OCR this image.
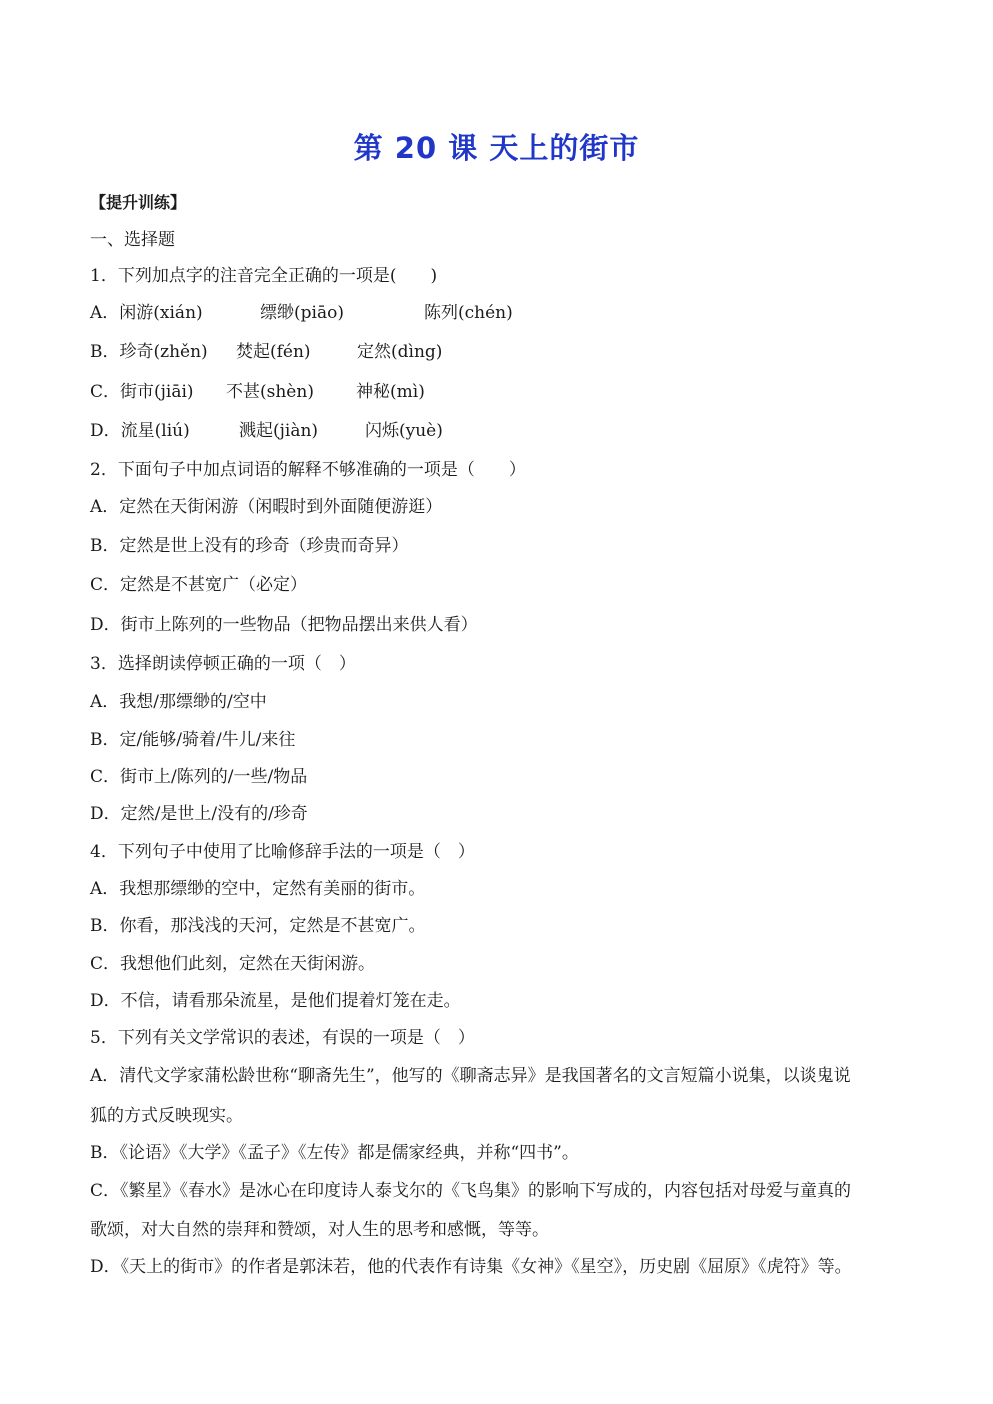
第 20 课 天上的街市
【提升训练】
一、选择题
1．下列加点字的注音完全正确的一项是(　　)
A．闲游(xián)	缥缈(piāo)	陈列(chén)
B．珍奇(zhěn) 焚起(fén)	定然(dìng)
C．街市(jiāi) 不甚(shèn) 神秘(mì)
D．流星(liú)	溅起(jiàn)	闪烁(yuè)
2．下面句子中加点词语的解释不够准确的一项是（　　）
A．定然在天街闲游（闲暇时到外面随便游逛）
B．定然是世上没有的珍奇（珍贵而奇异）
C．定然是不甚宽广（必定）
D．街市上陈列的一些物品（把物品摆出来供人看）
3．选择朗读停顿正确的一项（　）
A．我想/那缥缈的/空中
B．定/能够/骑着/牛儿/来往
C．街市上/陈列的/一些/物品
D．定然/是世上/没有的/珍奇
4．下列句子中使用了比喻修辞手法的一项是（　）
A．我想那缥缈的空中，定然有美丽的街市。
B．你看，那浅浅的天河，定然是不甚宽广。
C．我想他们此刻，定然在天街闲游。
D．不信，请看那朵流星，是他们提着灯笼在走。
5．下列有关文学常识的表述，有误的一项是（　）
A．清代文学家蒲松龄世称“聊斋先生”，他写的《聊斋志异》是我国著名的文言短篇小说集，以谈鬼说
狐的方式反映现实。
B．《论语》《大学》《孟子》《左传》都是儒家经典，并称“四书”。
C．《繁星》《春水》是冰心在印度诗人泰戈尔的《飞鸟集》的影响下写成的，内容包括对母爱与童真的
歌颂，对大自然的崇拜和赞颂，对人生的思考和感慨，等等。
D．《天上的街市》的作者是郭沫若，他的代表作有诗集《女神》《星空》，历史剧《屈原》《虎符》等。
